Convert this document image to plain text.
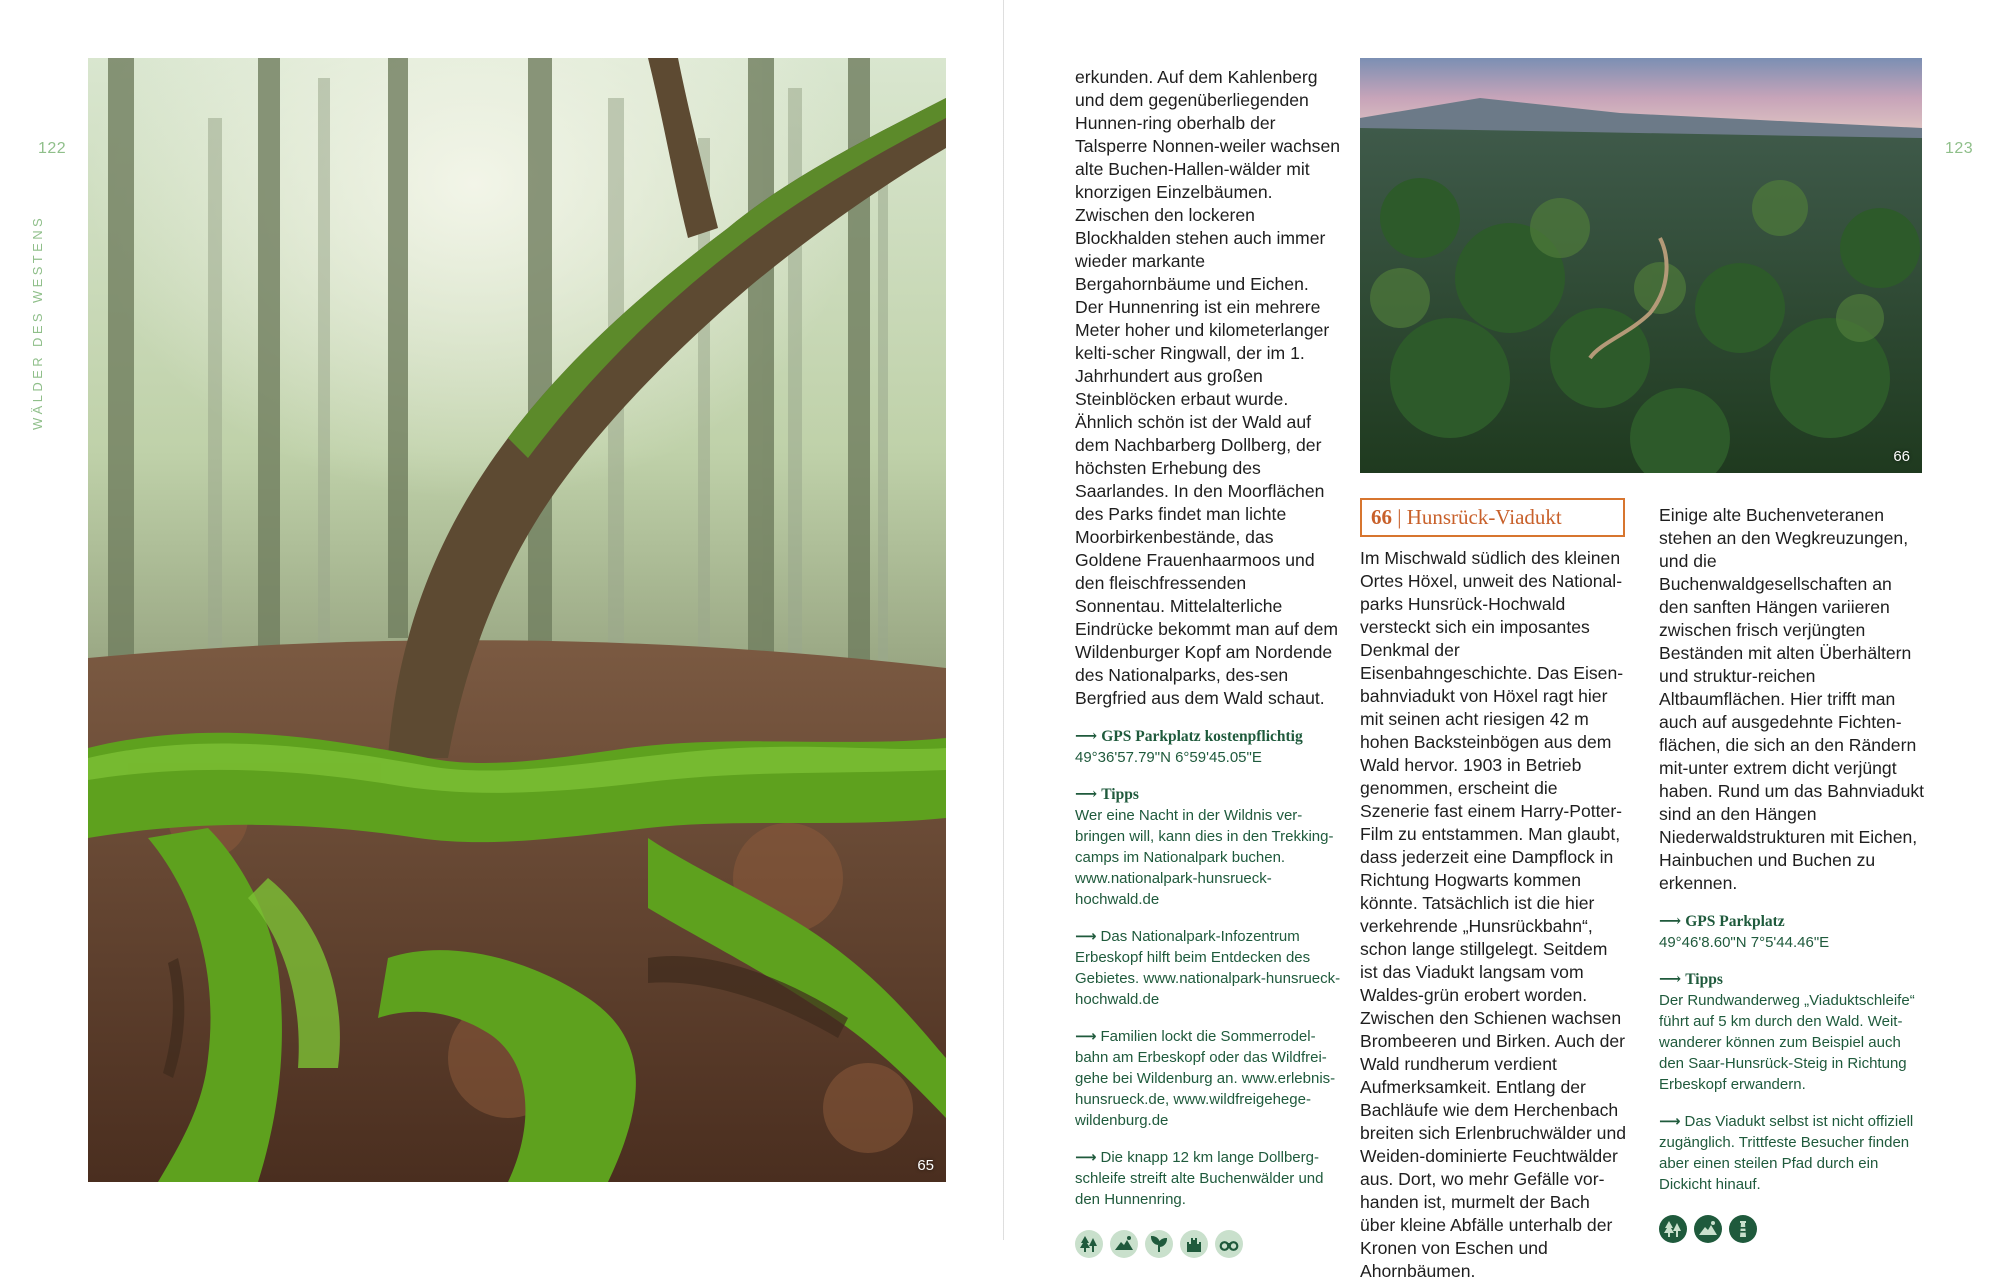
122
WÄLDER DES WESTENS
65
123

erkunden. Auf dem Kahlenberg und dem gegenüberliegenden Hunnen-ring oberhalb der Talsperre Nonnen-weiler wachsen alte Buchen-Hallen-wälder mit knorzigen Einzelbäumen. Zwischen den lockeren Blockhalden stehen auch immer wieder markante Bergahornbäume und Eichen. Der Hunnenring ist ein mehrere Meter hoher und kilometerlanger kelti-scher Ringwall, der im 1. Jahrhundert aus großen Steinblöcken erbaut wurde. Ähnlich schön ist der Wald auf dem Nachbarberg Dollberg, der höchsten Erhebung des Saarlandes. In den Moorflächen des Parks findet man lichte Moorbirkenbestände, das Goldene Frauenhaarmoos und den fleischfressenden Sonnentau. Mittelalterliche Eindrücke bekommt man auf dem Wildenburger Kopf am Nordende des Nationalparks, des-sen Bergfried aus dem Wald schaut.

⟶ GPS Parkplatz kostenpflichtig
49°36'57.79"N 6°59'45.05"E
⟶ Tipps
Wer eine Nacht in der Wildnis ver-bringen will, kann dies in den Trekking-camps im Nationalpark buchen. www.nationalpark-hunsrueck-hochwald.de
⟶ Das Nationalpark-Infozentrum Erbeskopf hilft beim Entdecken des Gebietes. www.nationalpark-hunsrueck-hochwald.de
⟶ Familien lockt die Sommerrodel-bahn am Erbeskopf oder das Wildfrei-gehe bei Wildenburg an. www.erlebnis-hunsrueck.de, www.wildfreigehege-wildenburg.de
⟶ Die knapp 12 km lange Dollberg-schleife streift alte Buchenwälder und den Hunnenring.
66
66 | Hunsrück-Viadukt

Im Mischwald südlich des kleinen Ortes Höxel, unweit des National-parks Hunsrück-Hochwald versteckt sich ein imposantes Denkmal der Eisenbahngeschichte. Das Eisen-bahnviadukt von Höxel ragt hier mit seinen acht riesigen 42 m hohen Backsteinbögen aus dem Wald hervor. 1903 in Betrieb genommen, erscheint die Szenerie fast einem Harry-Potter-Film zu entstammen. Man glaubt, dass jederzeit eine Dampflock in Richtung Hogwarts kommen könnte. Tatsächlich ist die hier verkehrende „Hunsrückbahn“, schon lange stillgelegt. Seitdem ist das Viadukt langsam vom Waldes-grün erobert worden. Zwischen den Schienen wachsen Brombeeren und Birken. Auch der Wald rundherum verdient Aufmerksamkeit. Entlang der Bachläufe wie dem Herchenbach breiten sich Erlenbruchwälder und Weiden-dominierte Feuchtwälder aus. Dort, wo mehr Gefälle vor-handen ist, murmelt der Bach über kleine Abfälle unterhalb der Kronen von Eschen und Ahornbäumen.

Einige alte Buchenveteranen stehen an den Wegkreuzungen, und die Buchenwaldgesellschaften an den sanften Hängen variieren zwischen frisch verjüngten Beständen mit alten Überhältern und struktur-reichen Altbaumflächen. Hier trifft man auch auf ausgedehnte Fichten-flächen, die sich an den Rändern mit-unter extrem dicht verjüngt haben. Rund um das Bahnviadukt sind an den Hängen Niederwaldstrukturen mit Eichen, Hainbuchen und Buchen zu erkennen.

⟶ GPS Parkplatz
49°46'8.60"N 7°5'44.46"E
⟶ Tipps
Der Rundwanderweg „Viaduktschleife“ führt auf 5 km durch den Wald. Weit-wanderer können zum Beispiel auch den Saar-Hunsrück-Steig in Richtung Erbeskopf erwandern.
⟶ Das Viadukt selbst ist nicht offiziell zugänglich. Trittfeste Besucher finden aber einen steilen Pfad durch ein Dickicht hinauf.
